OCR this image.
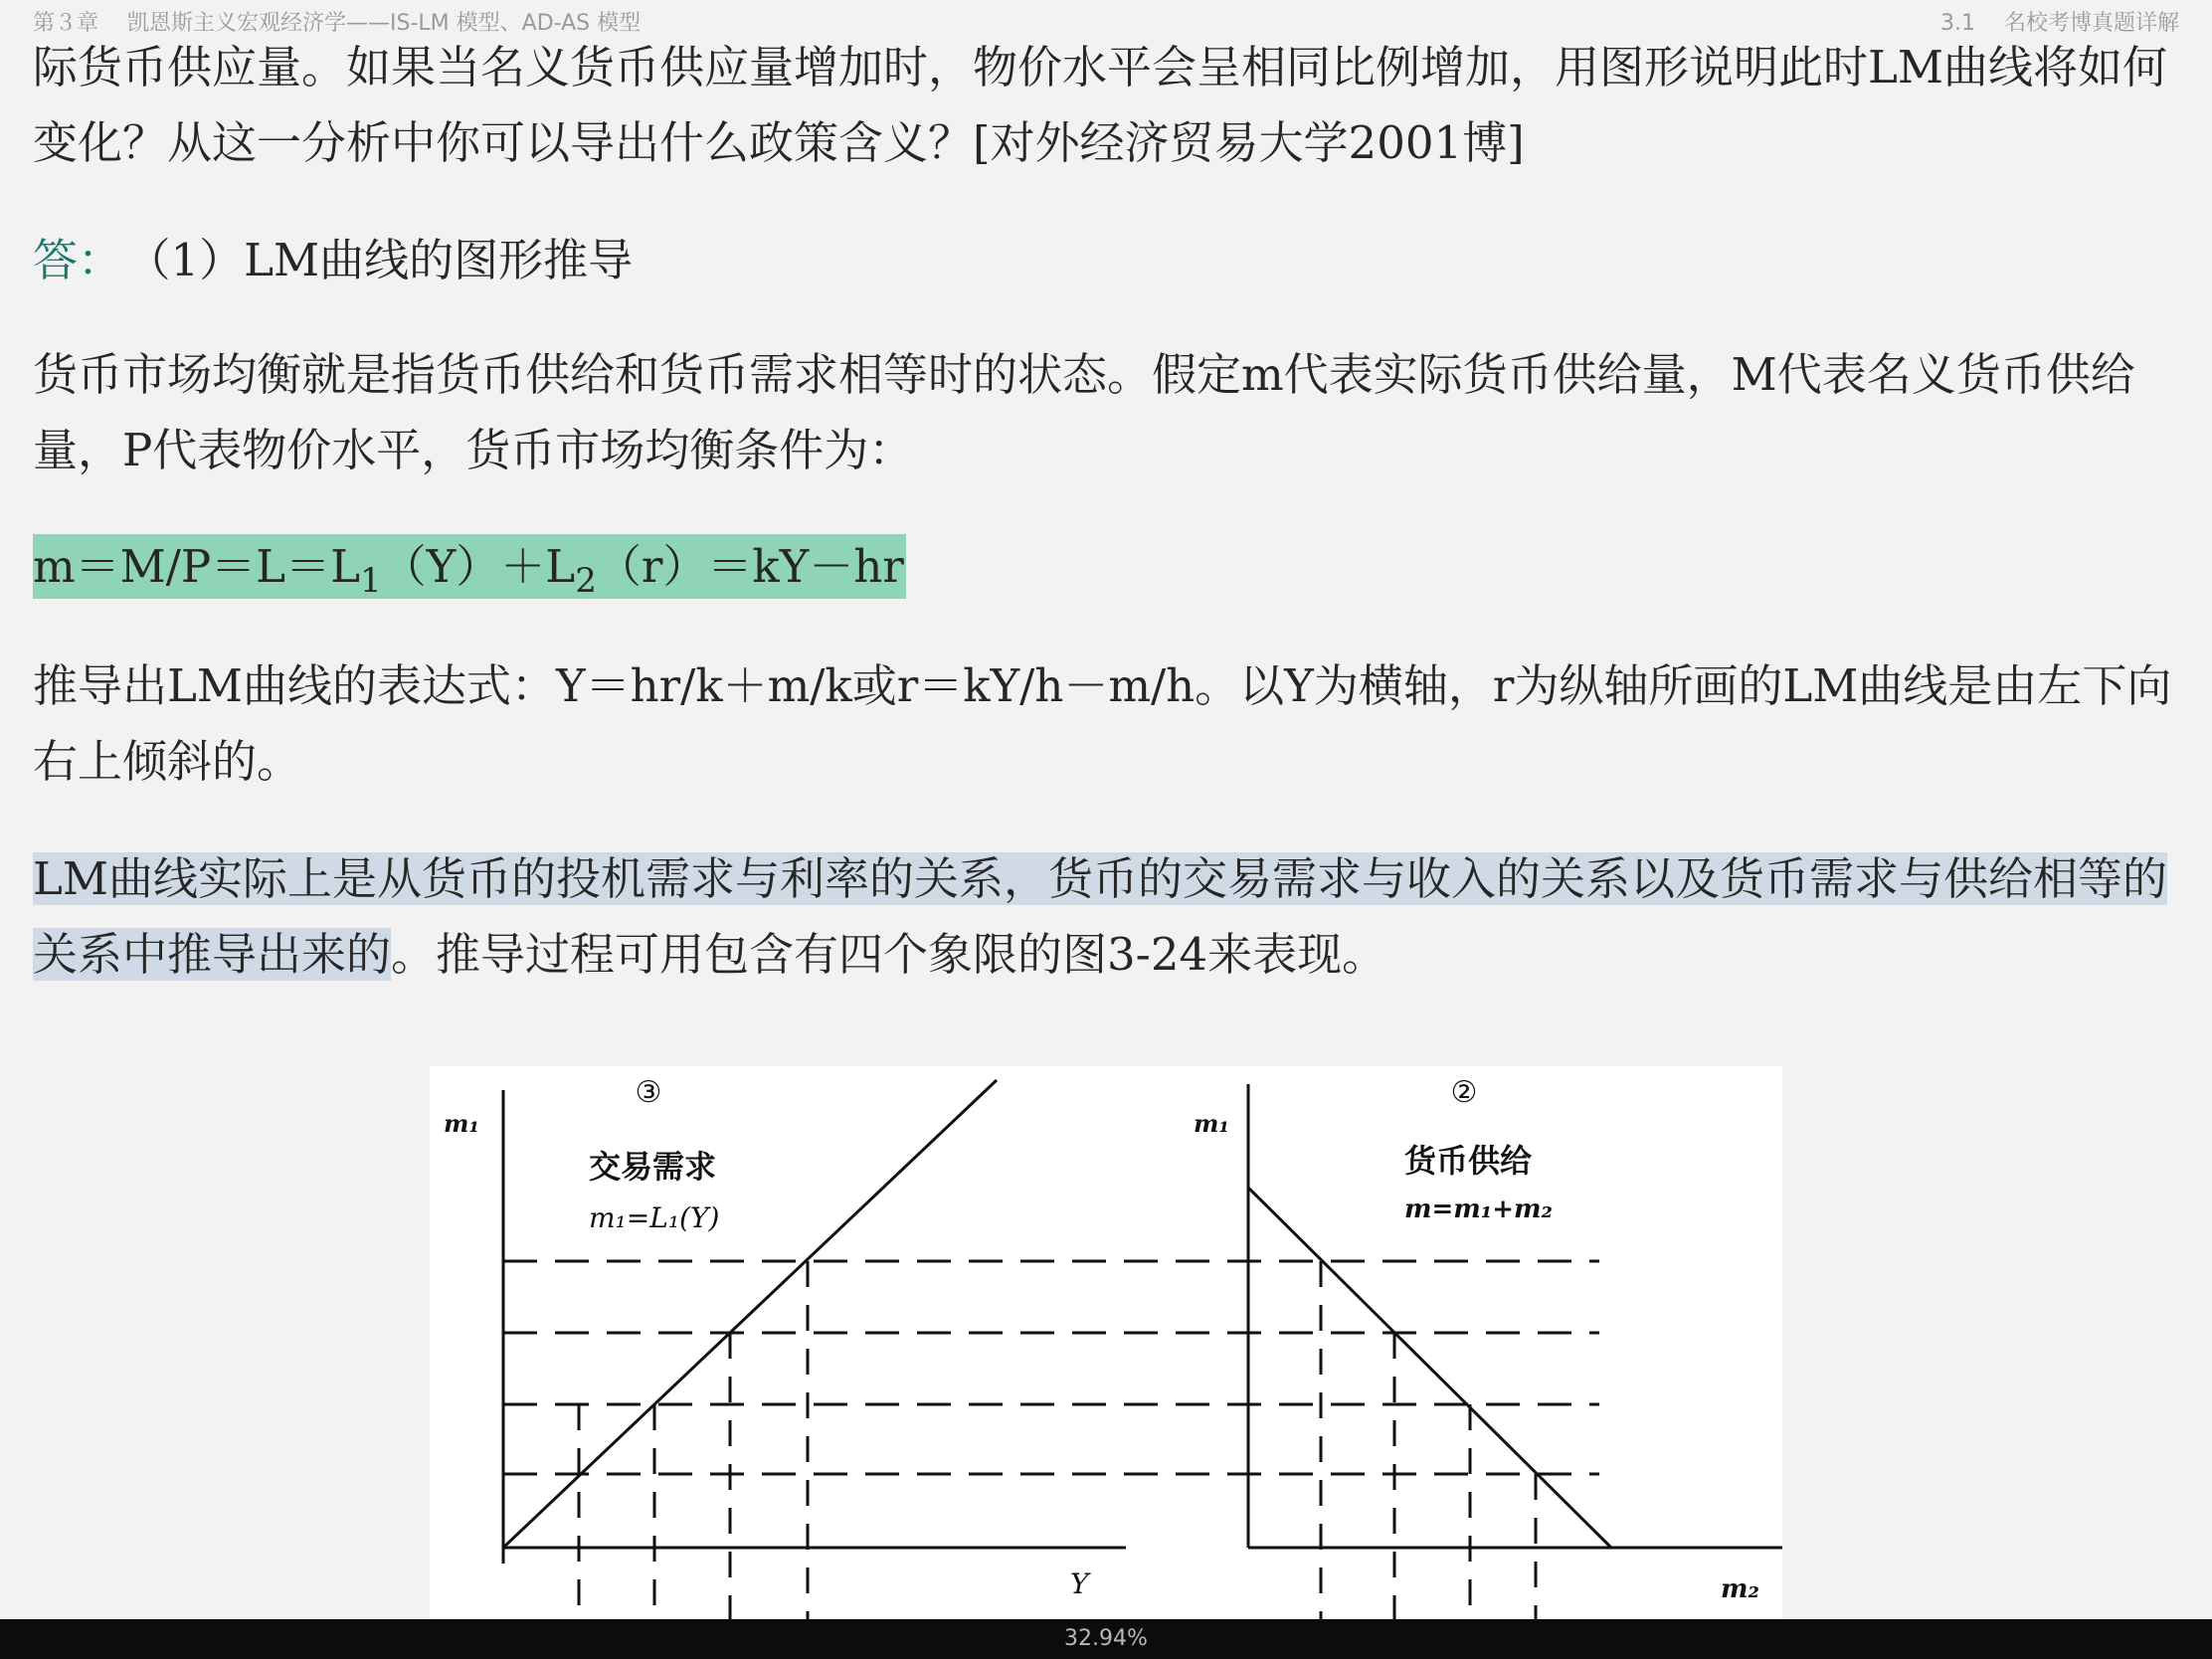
第３章 凯恩斯主义宏观经济学——IS-LM 模型、AD-AS 模型	3.1 名校考博真题详解

际货币供应量。如果当名义货币供应量增加时，物价水平会呈相同比例增加，用图形说明此时LM曲线将如何变化？从这一分析中你可以导出什么政策含义？[对外经济贸易大学2001博]

答： （1）LM曲线的图形推导

货币市场均衡就是指货币供给和货币需求相等时的状态。假定m代表实际货币供给量，M代表名义货币供给量，P代表物价水平，货币市场均衡条件为：

$m=M/P=L=L_1(Y)+L_2(r)=kY-hr$

推导出LM曲线的表达式：Y＝hr/k＋m/k或r＝kY/h－m/h。以Y为横轴，r为纵轴所画的LM曲线是由左下向右上倾斜的。

LM曲线实际上是从货币的投机需求与利率的关系，货币的交易需求与收入的关系以及货币需求与供给相等的关系中推导出来的。推导过程可用包含有四个象限的图3-24来表现。

③
m₁
交易需求
m₁=L₁(Y)
Y
②
m₁
货币供给
m=m₁+m₂
m₂
32.94%
